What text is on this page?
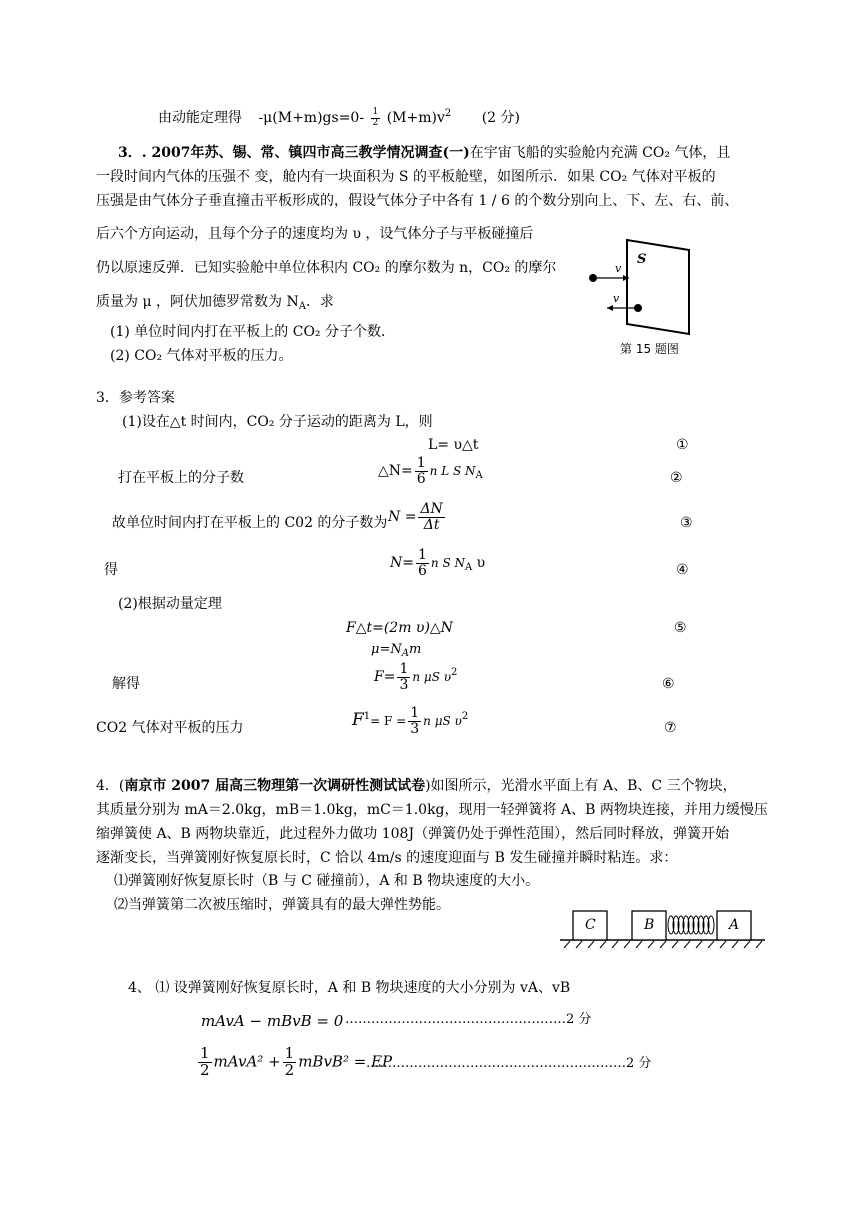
由动能定理得 $-\mu(M+m)gs=0- \frac{1}{2} (M+m)v^2$ (2 分)
3．. 2007年苏、锡、常、镇四市高三教学情况调查(一)在宇宙飞船的实验舱内充满 CO₂ 气体，且
一段时间内气体的压强不 变，舱内有一块面积为 S 的平板舱壁，如图所示．如果 CO₂ 气体对平板的
压强是由气体分子垂直撞击平板形成的，假设气体分子中各有 1 / 6 的个数分别向上、下、左、右、前、
后六个方向运动，且每个分子的速度均为 υ ，设气体分子与平板碰撞后
仍以原速反弹．已知实验舱中单位体积内 CO₂ 的摩尔数为 n，CO₂ 的摩尔
质量为 μ ，阿伏加德罗常数为 $N_A$．求
(1) 单位时间内打在平板上的 CO₂ 分子个数．
(2) CO₂ 气体对平板的压力。
S
v
v
第 15 题图
3．参考答案
(1)设在△t 时间内，CO₂ 分子运动的距离为 L，则
L= υ△t	①
打在平板上的分子数	△N= $\frac{1}{6}$ n L S $N_A$	②
故单位时间内打在平板上的 C02 的分子数为 $N = \frac{\Delta N}{\Delta t}$	③
得	$N= \frac{1}{6}$ n S $N_A$ υ	④
(2)根据动量定理
F△t=(2m υ)△N	⑤
$\mu=N_Am$
解得	$F= \frac{1}{3}$ n μS $\upsilon^2$
⑥
CO2 气体对平板的压力	$F^1= F = \frac{1}{3}$ n μS $\upsilon^2$
⑦
4．(南京市 2007 届高三物理第一次调研性测试试卷)如图所示，光滑水平面上有 A、B、C 三个物块，
其质量分别为 mA＝2.0kg，mB＝1.0kg，mC＝1.0kg，现用一轻弹簧将 A、B 两物块连接，并用力缓慢压
缩弹簧使 A、B 两物块靠近，此过程外力做功 108J（弹簧仍处于弹性范围），然后同时释放，弹簧开始
逐渐变长，当弹簧刚好恢复原长时，C 恰以 4m/s 的速度迎面与 B 发生碰撞并瞬时粘连。求：
⑴弹簧刚好恢复原长时（B 与 C 碰撞前），A 和 B 物块速度的大小。
⑵当弹簧第二次被压缩时，弹簧具有的最大弹性势能。
C	B	A
4、 ⑴ 设弹簧刚好恢复原长时，A 和 B 物块速度的大小分别为 vA、vB
mAvA − mBvB = 0 ……………………………………………2 分
$\frac{1}{2}$ mAvA² + $\frac{1}{2}$ mBvB² = EP
……………………………………………………2 分
